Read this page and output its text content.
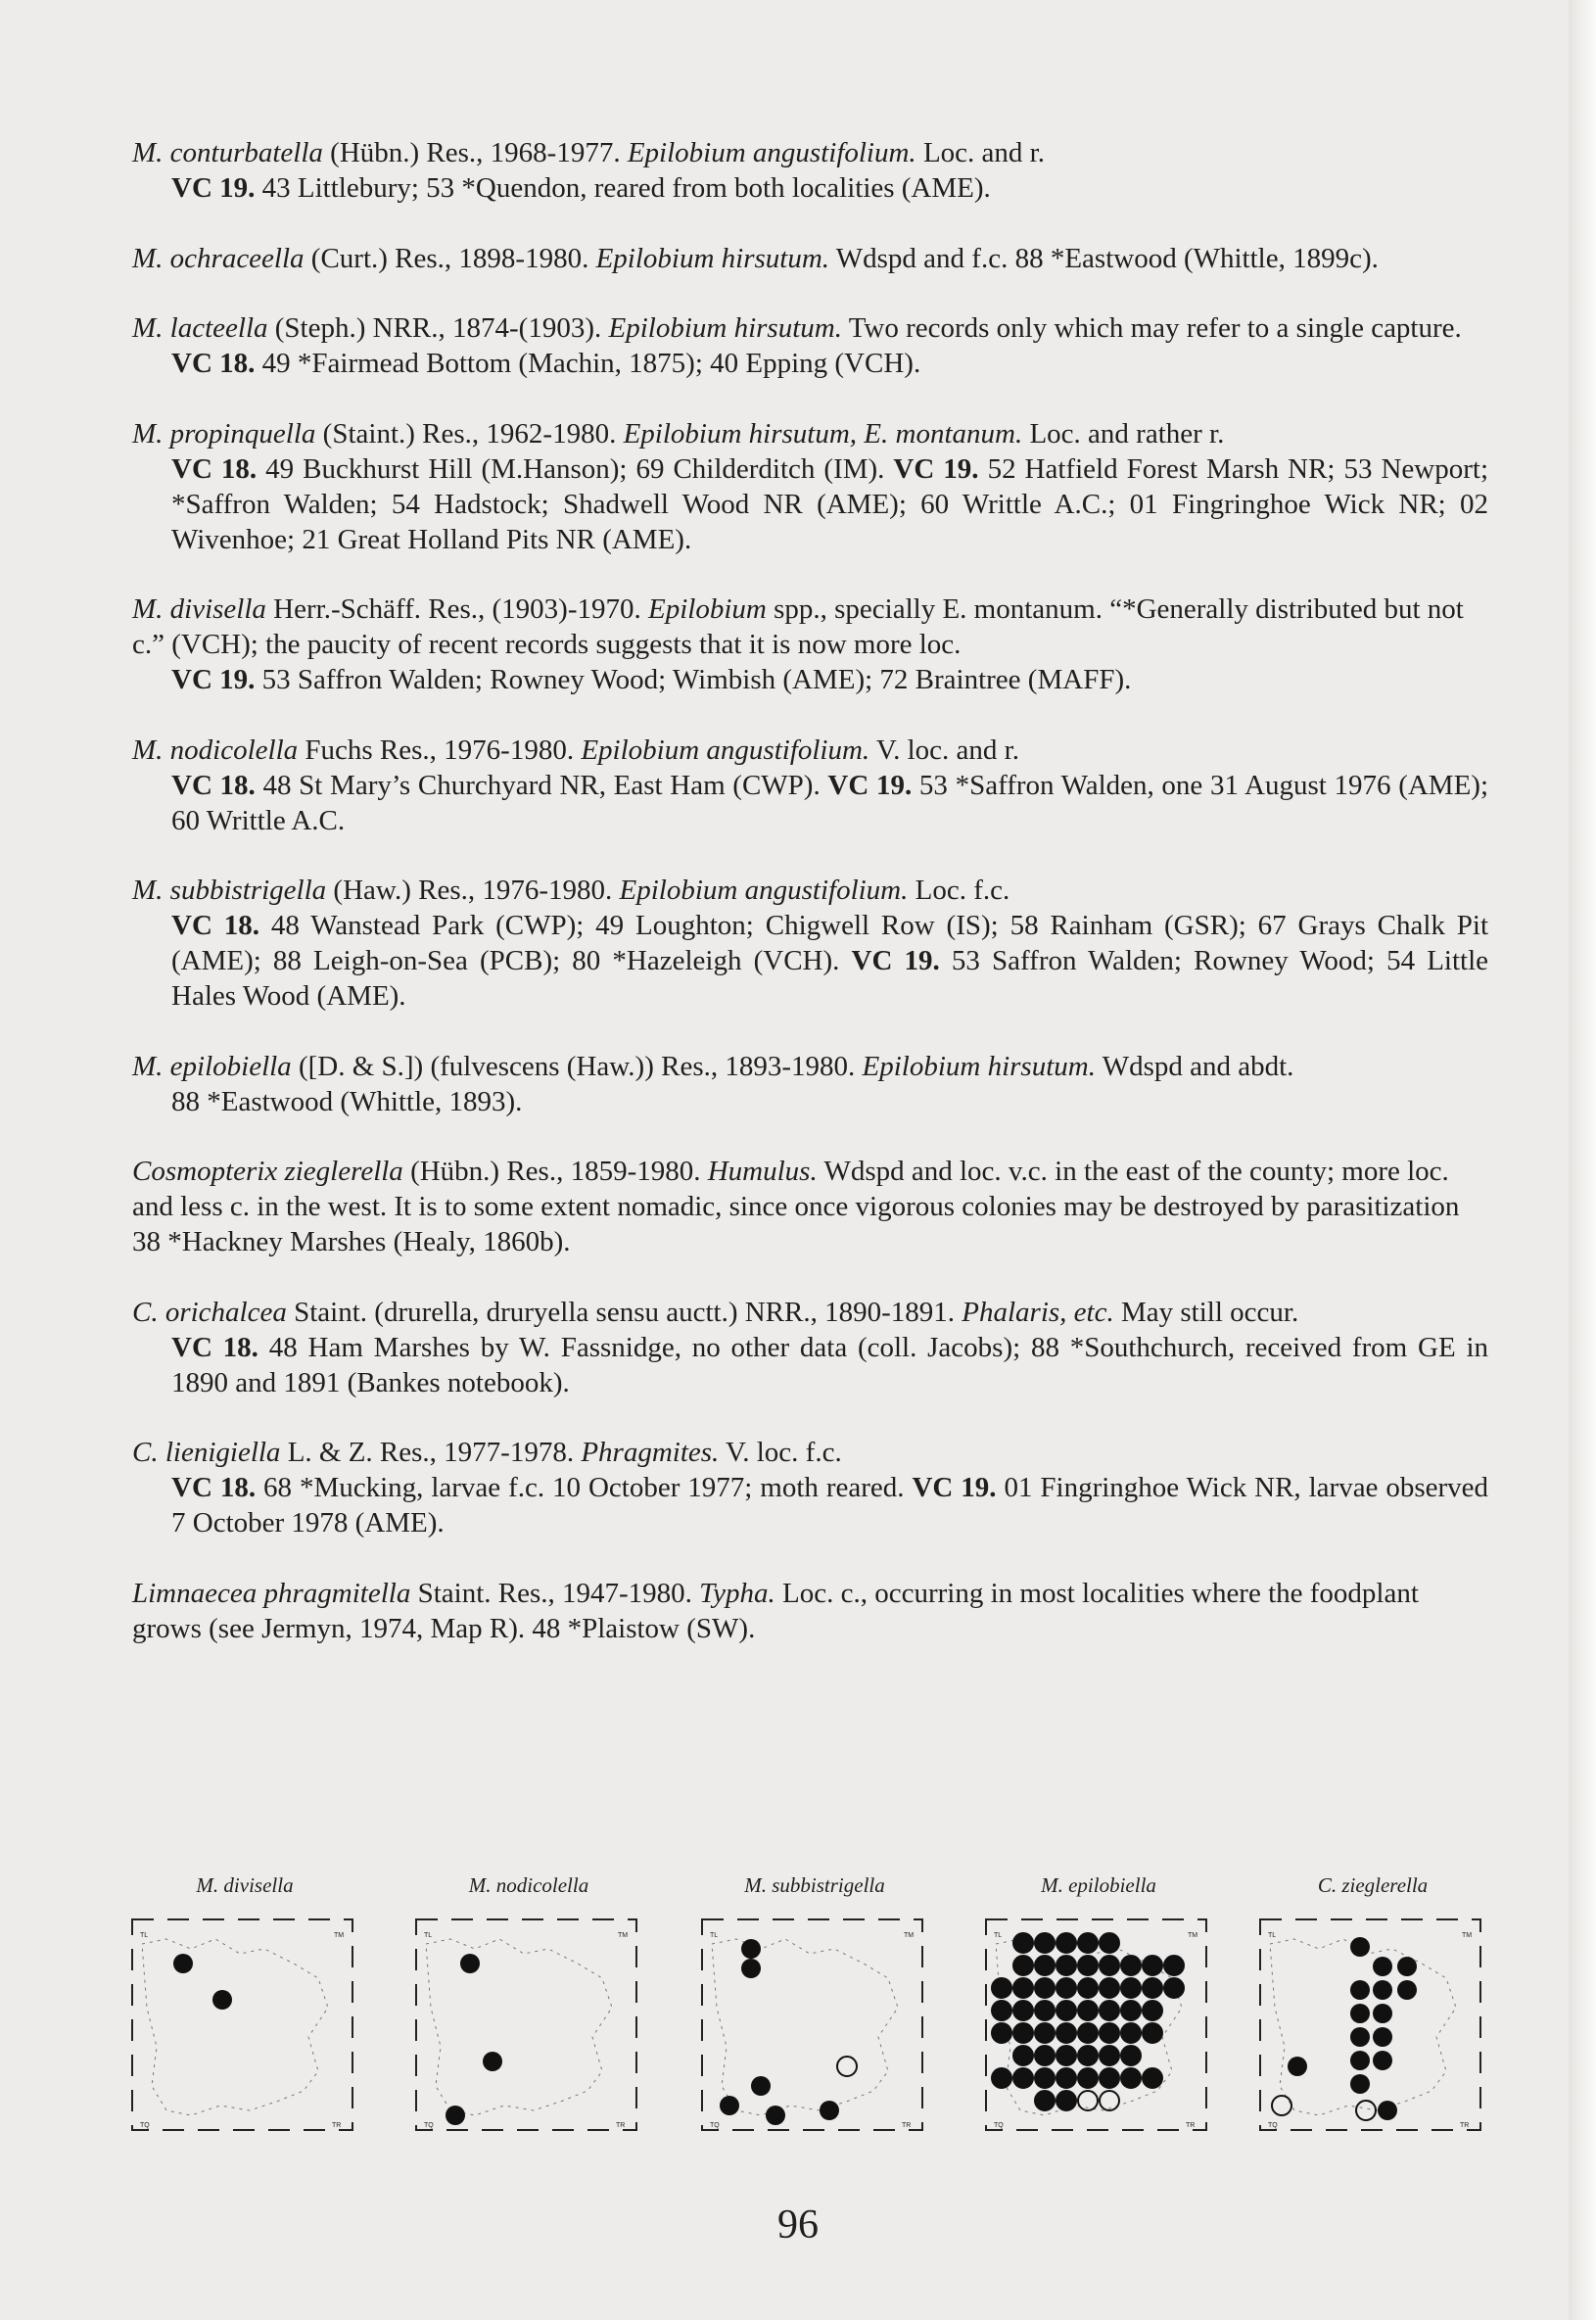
M. conturbatella (Hübn.) Res., 1968-1977. Epilobium angustifolium. Loc. and r.

VC 19. 43 Littlebury; 53 *Quendon, reared from both localities (AME).

M. ochraceella (Curt.) Res., 1898-1980. Epilobium hirsutum. Wdspd and f.c. 88 *Eastwood (Whittle, 1899c).

M. lacteella (Steph.) NRR., 1874-(1903). Epilobium hirsutum. Two records only which may refer to a single capture.

VC 18. 49 *Fairmead Bottom (Machin, 1875); 40 Epping (VCH).

M. propinquella (Staint.) Res., 1962-1980. Epilobium hirsutum, E. montanum. Loc. and rather r.

VC 18. 49 Buckhurst Hill (M.Hanson); 69 Childerditch (IM). VC 19. 52 Hatfield Forest Marsh NR; 53 Newport; *Saffron Walden; 54 Hadstock; Shadwell Wood NR (AME); 60 Writtle A.C.; 01 Fingringhoe Wick NR; 02 Wivenhoe; 21 Great Holland Pits NR (AME).

M. divisella Herr.-Schäff. Res., (1903)-1970. Epilobium spp., specially E. montanum. “*Generally distributed but not c.” (VCH); the paucity of recent records suggests that it is now more loc.

VC 19. 53 Saffron Walden; Rowney Wood; Wimbish (AME); 72 Braintree (MAFF).

M. nodicolella Fuchs Res., 1976-1980. Epilobium angustifolium. V. loc. and r.

VC 18. 48 St Mary’s Churchyard NR, East Ham (CWP). VC 19. 53 *Saffron Walden, one 31 August 1976 (AME); 60 Writtle A.C.

M. subbistrigella (Haw.) Res., 1976-1980. Epilobium angustifolium. Loc. f.c.

VC 18. 48 Wanstead Park (CWP); 49 Loughton; Chigwell Row (IS); 58 Rainham (GSR); 67 Grays Chalk Pit (AME); 88 Leigh-on-Sea (PCB); 80 *Hazeleigh (VCH). VC 19. 53 Saffron Walden; Rowney Wood; 54 Little Hales Wood (AME).

M. epilobiella ([D. & S.]) (fulvescens (Haw.)) Res., 1893-1980. Epilobium hirsutum. Wdspd and abdt.

88 *Eastwood (Whittle, 1893).

Cosmopterix zieglerella (Hübn.) Res., 1859-1980. Humulus. Wdspd and loc. v.c. in the east of the county; more loc. and less c. in the west. It is to some extent nomadic, since once vigorous colonies may be destroyed by parasitization 38 *Hackney Marshes (Healy, 1860b).

C. orichalcea Staint. (drurella, druryella sensu auctt.) NRR., 1890-1891. Phalaris, etc. May still occur.

VC 18. 48 Ham Marshes by W. Fassnidge, no other data (coll. Jacobs); 88 *Southchurch, received from GE in 1890 and 1891 (Bankes notebook).

C. lienigiella L. & Z. Res., 1977-1978. Phragmites. V. loc. f.c.

VC 18. 68 *Mucking, larvae f.c. 10 October 1977; moth reared. VC 19. 01 Fingringhoe Wick NR, larvae observed 7 October 1978 (AME).

Limnaecea phragmitella Staint. Res., 1947-1980. Typha. Loc. c., occurring in most localities where the foodplant grows (see Jermyn, 1974, Map R). 48 *Plaistow (SW).

M. divisella
TL	TM
TQ	TR
M. nodicolella
TL	TM
TQ	TR
M. subbistrigella
TL	TM
TQ	TR
M. epilobiella
TL	TM
TQ	TR
C. zieglerella
TL	TM
TQ	TR
96
